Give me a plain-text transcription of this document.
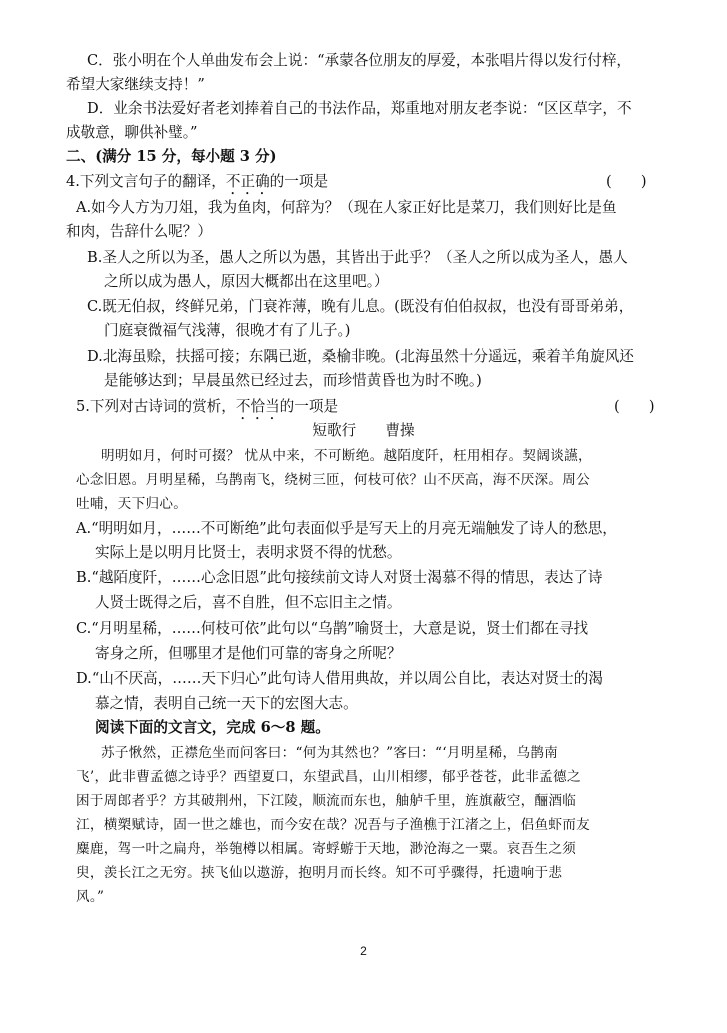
C．张小明在个人单曲发布会上说：“承蒙各位朋友的厚爱，本张唱片得以发行付梓，
希望大家继续支持！”
D．业余书法爱好者老刘捧着自己的书法作品，郑重地对朋友老李说：“区区草字，不
成敬意，聊供补璧。”
二、(满分 15 分，每小题 3 分)
4.下列文言句子的翻译，不正确的一项是	(　　)
A.如今人方为刀俎，我为鱼肉，何辞为？（现在人家正好比是菜刀，我们则好比是鱼
和肉，告辞什么呢？）
B.圣人之所以为圣，愚人之所以为愚，其皆出于此乎？（圣人之所以成为圣人，愚人
之所以成为愚人，原因大概都出在这里吧。）
C.既无伯叔，终鲜兄弟，门衰祚薄，晚有儿息。(既没有伯伯叔叔，也没有哥哥弟弟，
门庭衰微福气浅薄，很晚才有了儿子。)
D.北海虽赊，扶摇可接；东隅已逝，桑榆非晚。(北海虽然十分遥远，乘着羊角旋风还
是能够达到；早晨虽然已经过去，而珍惜黄昏也为时不晚。)
5.下列对古诗词的赏析，不恰当的一项是	(　　)
短歌行　　曹操
明明如月，何时可掇？ 忧从中来，不可断绝。越陌度阡，枉用相存。契阔谈讌，
心念旧恩。月明星稀，乌鹊南飞，绕树三匝，何枝可依？山不厌高，海不厌深。周公
吐哺，天下归心。
A.“明明如月，……不可断绝”此句表面似乎是写天上的月亮无端触发了诗人的愁思，
实际上是以明月比贤士，表明求贤不得的忧愁。
B.“越陌度阡，……心念旧恩”此句接续前文诗人对贤士渴慕不得的情思，表达了诗
人贤士既得之后，喜不自胜，但不忘旧主之情。
C.“月明星稀，……何枝可依”此句以“乌鹊”喻贤士，大意是说，贤士们都在寻找
寄身之所，但哪里才是他们可靠的寄身之所呢？
D.“山不厌高，……天下归心”此句诗人借用典故，并以周公自比，表达对贤士的渴
慕之情，表明自己统一天下的宏图大志。
阅读下面的文言文，完成 6～8 题。
苏子愀然，正襟危坐而问客曰：“何为其然也？”客曰：“‘月明星稀，乌鹊南
飞’，此非曹孟德之诗乎？西望夏口，东望武昌，山川相缪，郁乎苍苍，此非孟德之
困于周郎者乎？方其破荆州，下江陵，顺流而东也，舳舻千里，旌旗蔽空，酾酒临
江，横槊赋诗，固一世之雄也，而今安在哉？况吾与子渔樵于江渚之上，侣鱼虾而友
麋鹿，驾一叶之扁舟，举匏樽以相属。寄蜉蝣于天地，渺沧海之一粟。哀吾生之须
臾，羡长江之无穷。挟飞仙以遨游，抱明月而长终。知不可乎骤得，托遗响于悲
风。”
2
